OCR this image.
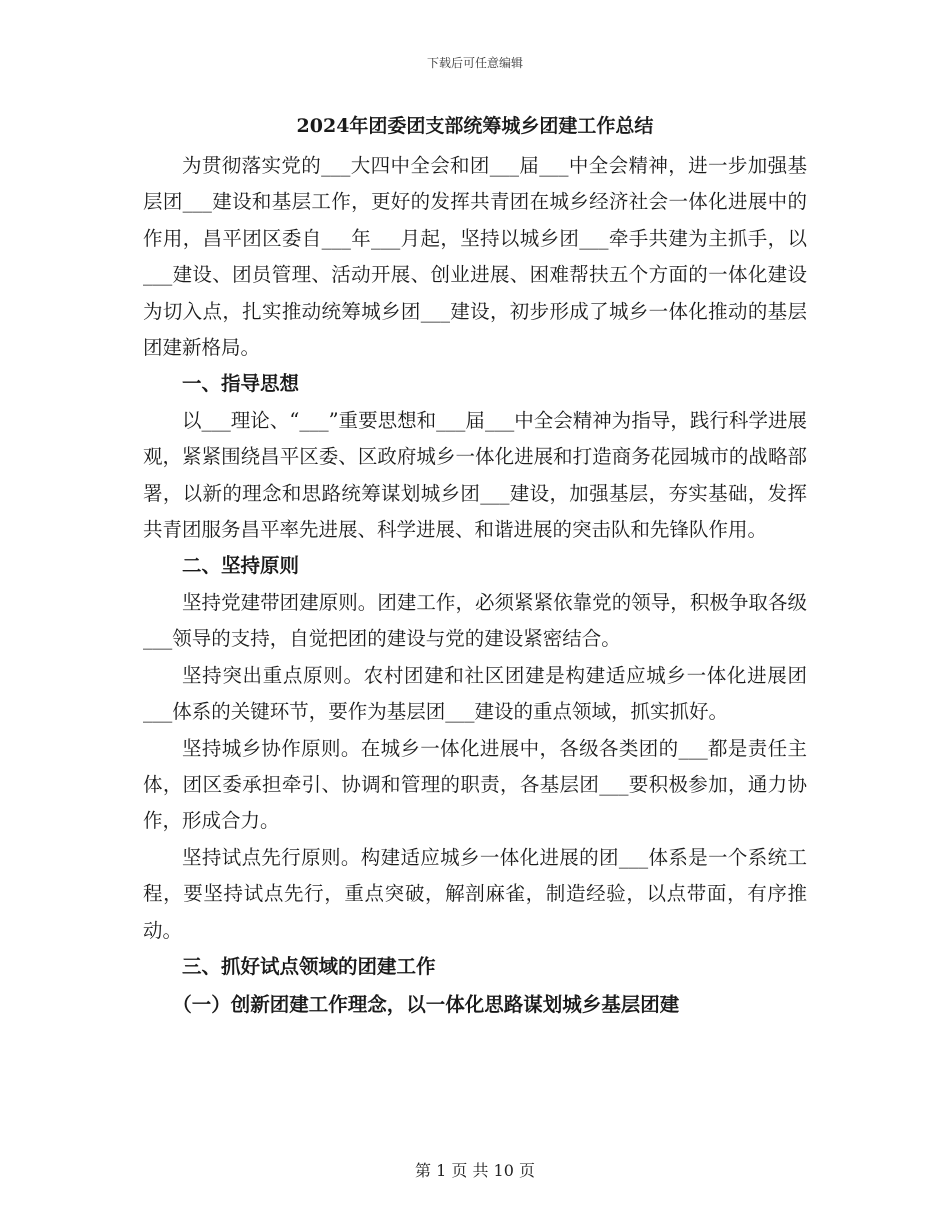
下载后可任意编辑
2024年团委团支部统筹城乡团建工作总结

为贯彻落实党的___大四中全会和团___届___中全会精神，进一步加强基层团___建设和基层工作，更好的发挥共青团在城乡经济社会一体化进展中的作用，昌平团区委自___年___月起，坚持以城乡团___牵手共建为主抓手，以___建设、团员管理、活动开展、创业进展、困难帮扶五个方面的一体化建设为切入点，扎实推动统筹城乡团___建设，初步形成了城乡一体化推动的基层团建新格局。

一、指导思想

以___理论、“___”重要思想和___届___中全会精神为指导，践行科学进展观，紧紧围绕昌平区委、区政府城乡一体化进展和打造商务花园城市的战略部署，以新的理念和思路统筹谋划城乡团___建设，加强基层，夯实基础，发挥共青团服务昌平率先进展、科学进展、和谐进展的突击队和先锋队作用。

二、坚持原则

坚持党建带团建原则。团建工作，必须紧紧依靠党的领导，积极争取各级___领导的支持，自觉把团的建设与党的建设紧密结合。

坚持突出重点原则。农村团建和社区团建是构建适应城乡一体化进展团___体系的关键环节，要作为基层团___建设的重点领域，抓实抓好。

坚持城乡协作原则。在城乡一体化进展中，各级各类团的___都是责任主体，团区委承担牵引、协调和管理的职责，各基层团___要积极参加，通力协作，形成合力。

坚持试点先行原则。构建适应城乡一体化进展的团___体系是一个系统工程，要坚持试点先行，重点突破，解剖麻雀，制造经验，以点带面，有序推动。

三、抓好试点领域的团建工作

（一）创新团建工作理念，以一体化思路谋划城乡基层团建

第 1 页 共 10 页
